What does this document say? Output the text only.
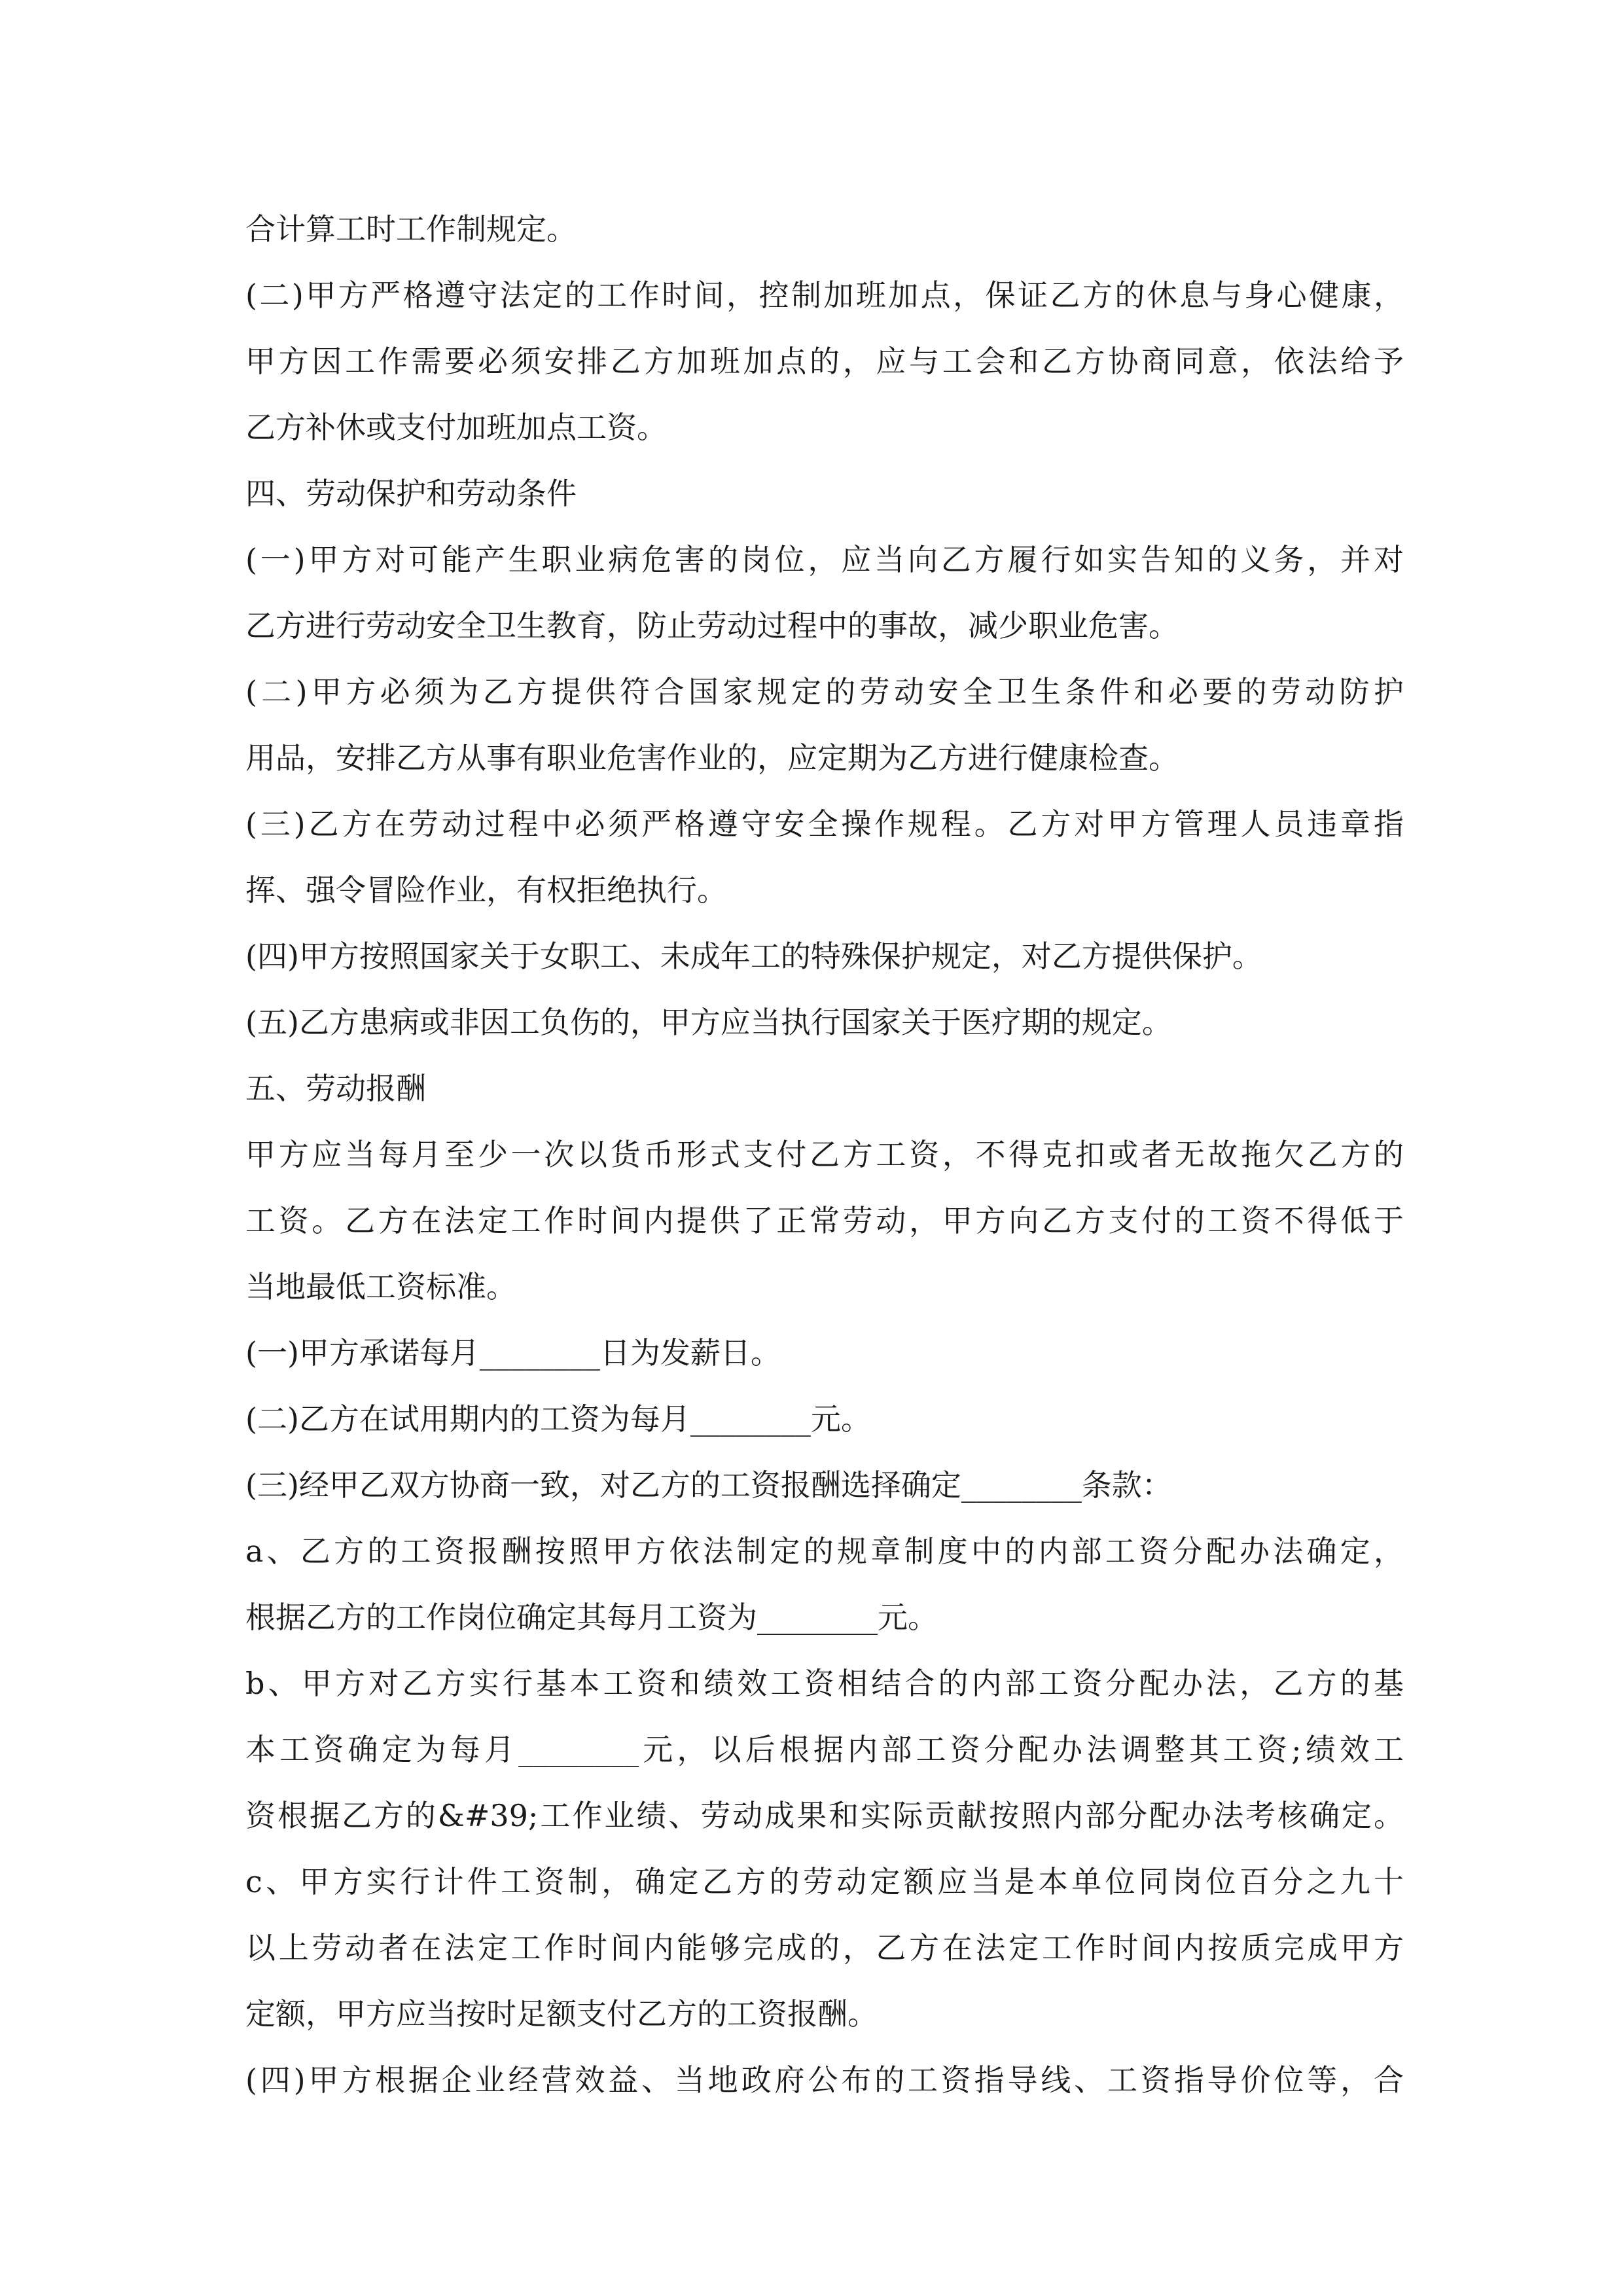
合计算工时工作制规定。
(二)甲方严格遵守法定的工作时间，控制加班加点，保证乙方的休息与身心健康，
甲方因工作需要必须安排乙方加班加点的，应与工会和乙方协商同意，依法给予
乙方补休或支付加班加点工资。
四、劳动保护和劳动条件
(一)甲方对可能产生职业病危害的岗位，应当向乙方履行如实告知的义务，并对
乙方进行劳动安全卫生教育，防止劳动过程中的事故，减少职业危害。
(二)甲方必须为乙方提供符合国家规定的劳动安全卫生条件和必要的劳动防护
用品，安排乙方从事有职业危害作业的，应定期为乙方进行健康检查。
(三)乙方在劳动过程中必须严格遵守安全操作规程。乙方对甲方管理人员违章指
挥、强令冒险作业，有权拒绝执行。
(四)甲方按照国家关于女职工、未成年工的特殊保护规定，对乙方提供保护。
(五)乙方患病或非因工负伤的，甲方应当执行国家关于医疗期的规定。
五、劳动报酬
甲方应当每月至少一次以货币形式支付乙方工资，不得克扣或者无故拖欠乙方的
工资。乙方在法定工作时间内提供了正常劳动，甲方向乙方支付的工资不得低于
当地最低工资标准。
(一)甲方承诺每月________日为发薪日。
(二)乙方在试用期内的工资为每月________元。
(三)经甲乙双方协商一致，对乙方的工资报酬选择确定________条款：
a、乙方的工资报酬按照甲方依法制定的规章制度中的内部工资分配办法确定，
根据乙方的工作岗位确定其每月工资为________元。
b、甲方对乙方实行基本工资和绩效工资相结合的内部工资分配办法，乙方的基
本工资确定为每月________元，以后根据内部工资分配办法调整其工资;绩效工
资根据乙方的&#39;工作业绩、劳动成果和实际贡献按照内部分配办法考核确定。
c、甲方实行计件工资制，确定乙方的劳动定额应当是本单位同岗位百分之九十
以上劳动者在法定工作时间内能够完成的，乙方在法定工作时间内按质完成甲方
定额，甲方应当按时足额支付乙方的工资报酬。
(四)甲方根据企业经营效益、当地政府公布的工资指导线、工资指导价位等，合
